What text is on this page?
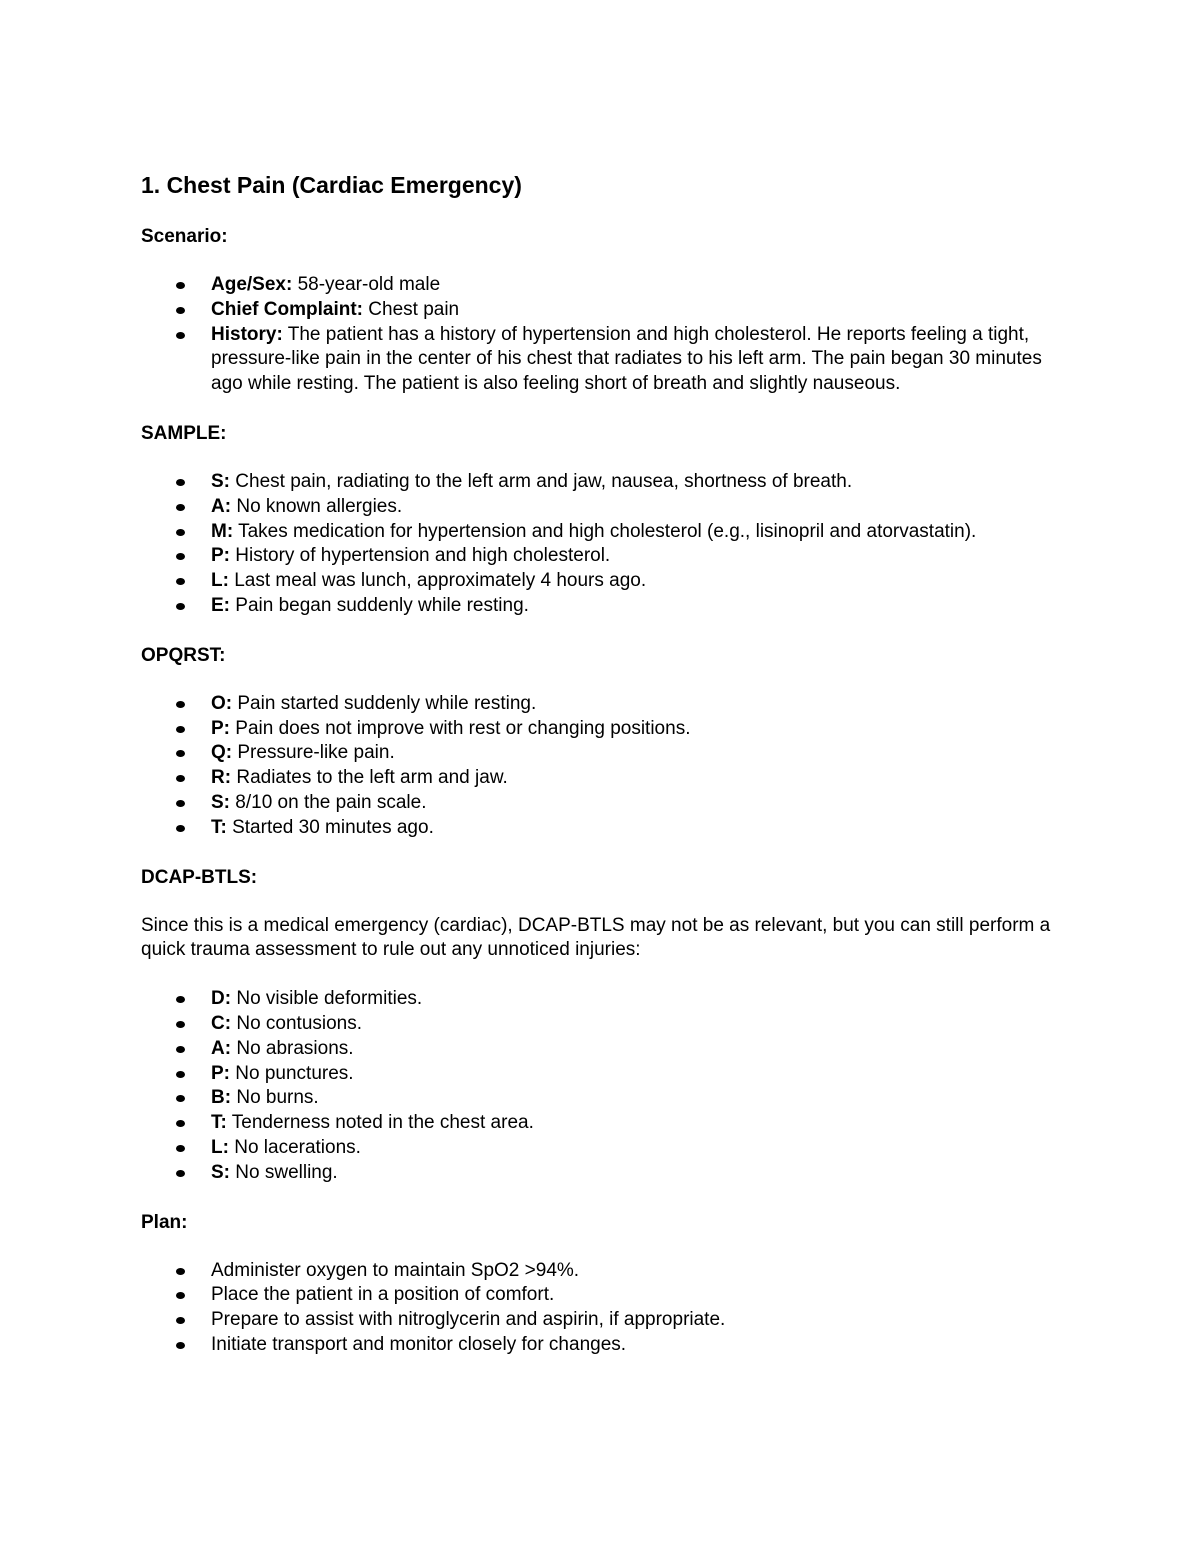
1. Chest Pain (Cardiac Emergency)
Scenario:
Age/Sex: 58-year-old male
Chief Complaint: Chest pain
History: The patient has a history of hypertension and high cholesterol. He reports feeling a tight, pressure-like pain in the center of his chest that radiates to his left arm. The pain began 30 minutes ago while resting. The patient is also feeling short of breath and slightly nauseous.
SAMPLE:
S: Chest pain, radiating to the left arm and jaw, nausea, shortness of breath.
A: No known allergies.
M: Takes medication for hypertension and high cholesterol (e.g., lisinopril and atorvastatin).
P: History of hypertension and high cholesterol.
L: Last meal was lunch, approximately 4 hours ago.
E: Pain began suddenly while resting.
OPQRST:
O: Pain started suddenly while resting.
P: Pain does not improve with rest or changing positions.
Q: Pressure-like pain.
R: Radiates to the left arm and jaw.
S: 8/10 on the pain scale.
T: Started 30 minutes ago.
DCAP-BTLS:

Since this is a medical emergency (cardiac), DCAP-BTLS may not be as relevant, but you can still perform a quick trauma assessment to rule out any unnoticed injuries:

D: No visible deformities.
C: No contusions.
A: No abrasions.
P: No punctures.
B: No burns.
T: Tenderness noted in the chest area.
L: No lacerations.
S: No swelling.
Plan:
Administer oxygen to maintain SpO2 >94%.
Place the patient in a position of comfort.
Prepare to assist with nitroglycerin and aspirin, if appropriate.
Initiate transport and monitor closely for changes.
